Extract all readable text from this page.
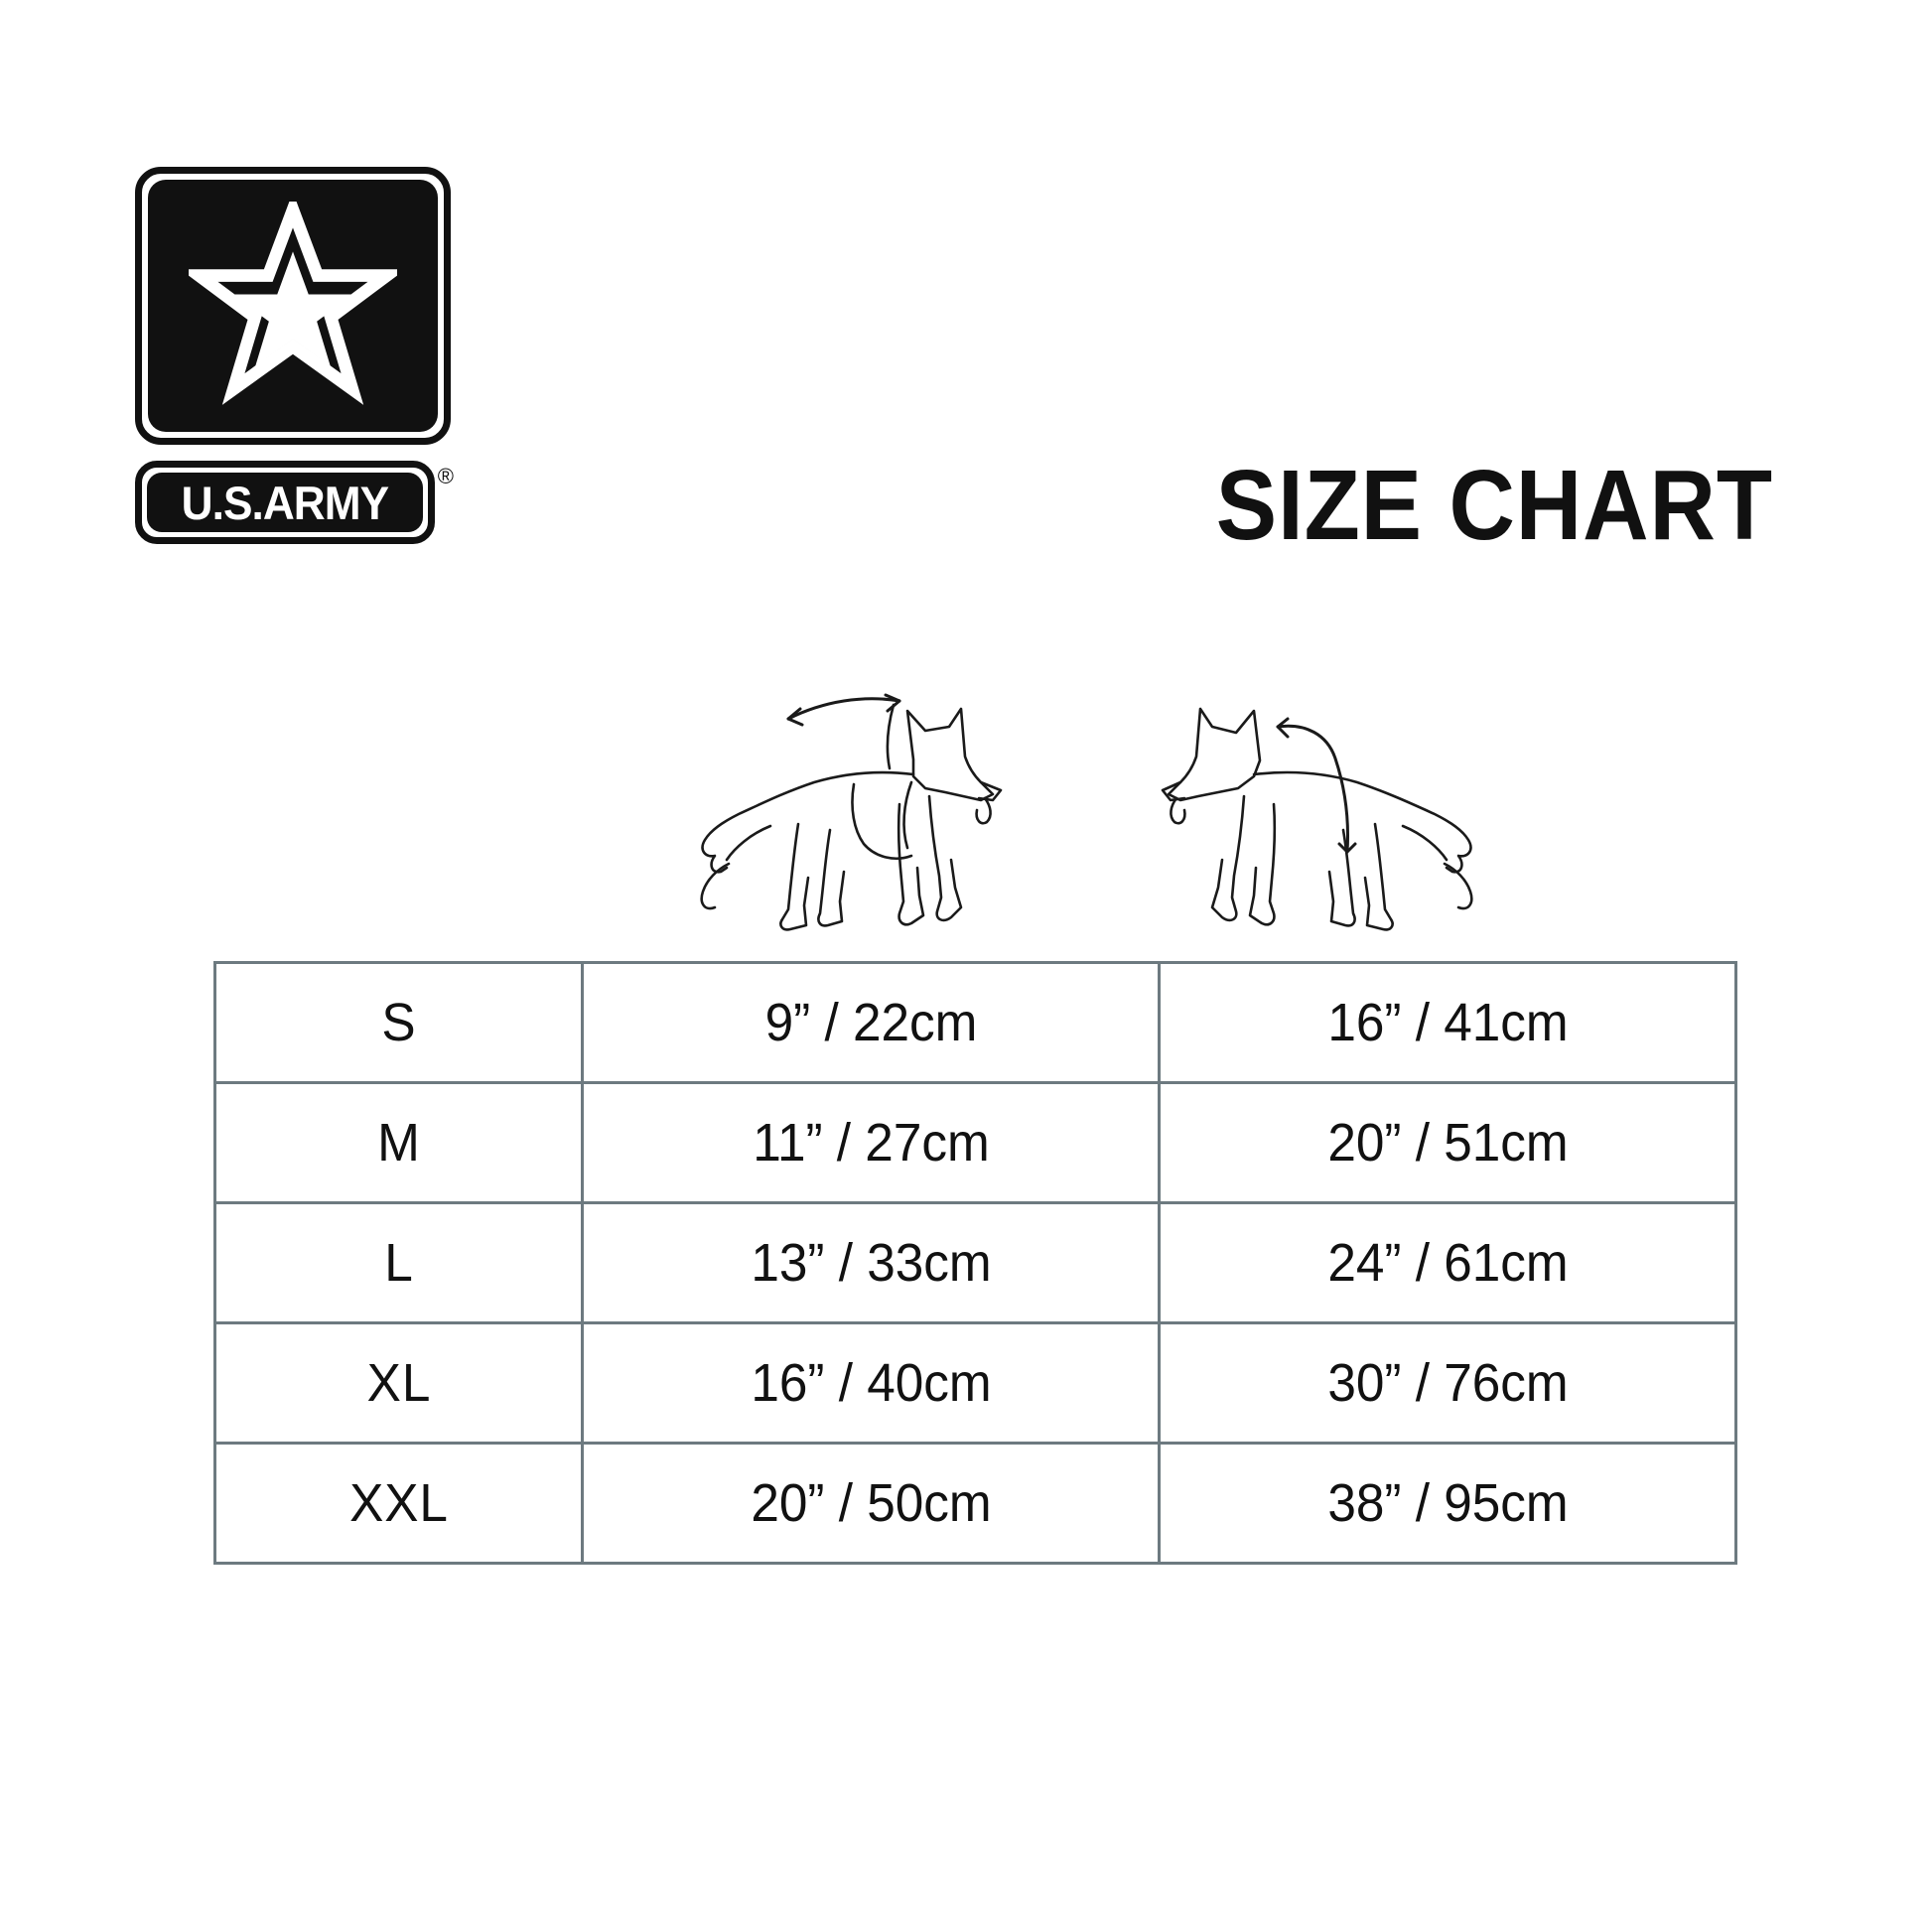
U.S.ARMY ®	SIZE CHART
S	9” / 22cm	16” / 41cm
M	11” / 27cm	20” / 51cm
L	13” / 33cm	24” / 61cm
XL	16” / 40cm	30” / 76cm
XXL	20” / 50cm	38” / 95cm
